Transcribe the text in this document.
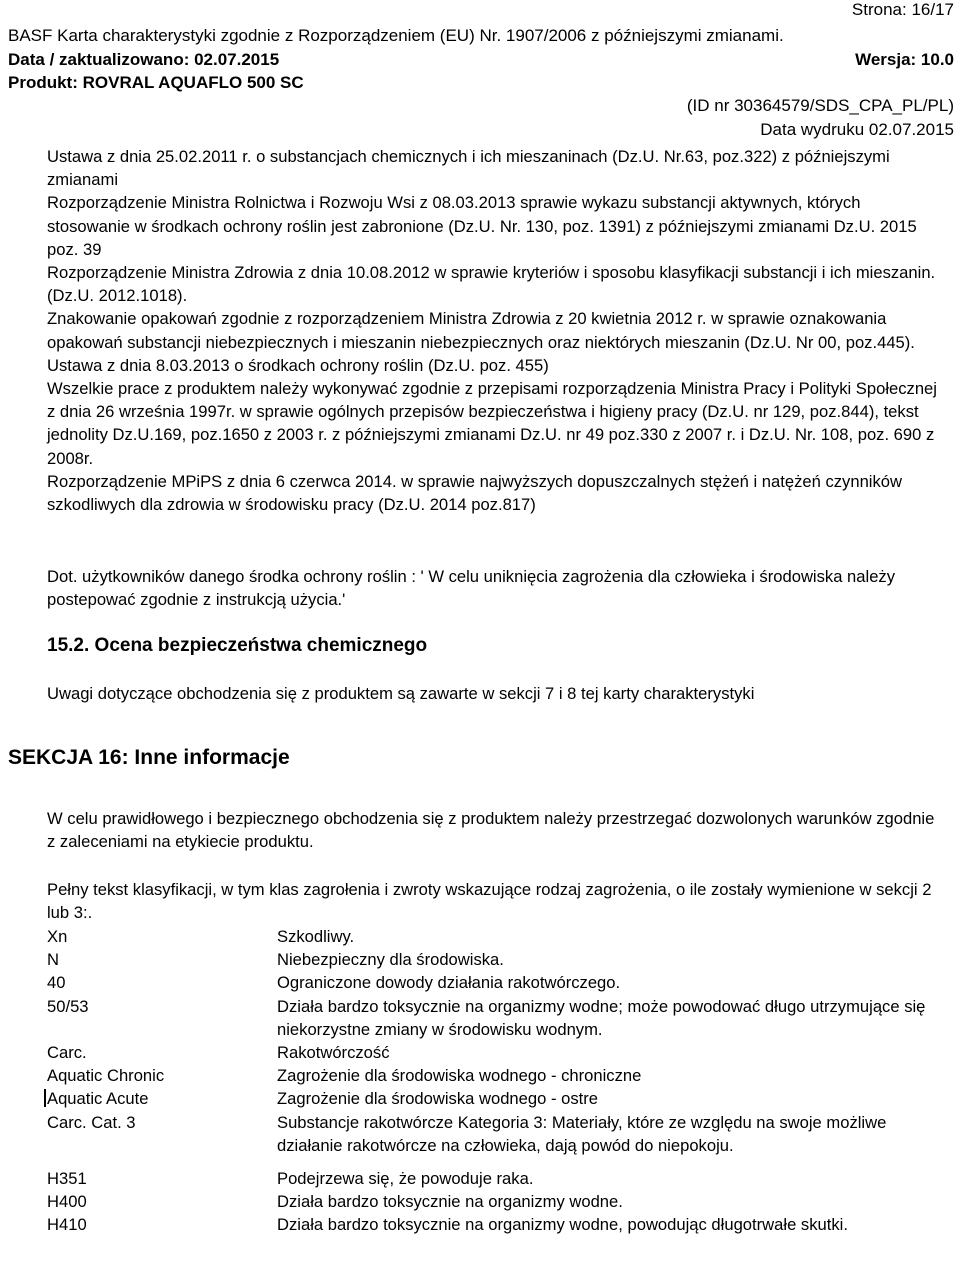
Strona: 16/17
BASF Karta charakterystyki zgodnie z Rozporządzeniem (EU) Nr. 1907/2006 z późniejszymi zmianami.
Data / zaktualizowano: 02.07.2015	Wersja: 10.0
Produkt: ROVRAL AQUAFLO 500 SC
(ID nr 30364579/SDS_CPA_PL/PL)
Data wydruku 02.07.2015

Ustawa z dnia 25.02.2011 r. o substancjach chemicznych i ich mieszaninach (Dz.U. Nr.63, poz.322) z późniejszymi zmianami

Rozporządzenie Ministra Rolnictwa i Rozwoju Wsi z 08.03.2013 sprawie wykazu substancji aktywnych, których stosowanie w środkach ochrony roślin jest zabronione (Dz.U. Nr. 130, poz. 1391) z późniejszymi zmianami Dz.U. 2015 poz. 39

Rozporządzenie Ministra Zdrowia z dnia 10.08.2012 w sprawie kryteriów i sposobu klasyfikacji substancji i ich mieszanin. (Dz.U. 2012.1018).

Znakowanie opakowań zgodnie z rozporządzeniem Ministra Zdrowia z 20 kwietnia 2012 r. w sprawie oznakowania opakowań substancji niebezpiecznych i mieszanin niebezpiecznych oraz niektórych mieszanin (Dz.U. Nr 00, poz.445).

Ustawa z dnia 8.03.2013 o środkach ochrony roślin (Dz.U. poz. 455)

Wszelkie prace z produktem należy wykonywać zgodnie z przepisami rozporządzenia Ministra Pracy i Polityki Społecznej z dnia 26 września 1997r. w sprawie ogólnych przepisów bezpieczeństwa i higieny pracy (Dz.U. nr 129, poz.844), tekst jednolity Dz.U.169, poz.1650 z 2003 r. z późniejszymi zmianami Dz.U. nr 49 poz.330 z 2007 r. i Dz.U. Nr. 108, poz. 690 z 2008r.

Rozporządzenie MPiPS z dnia 6 czerwca 2014. w sprawie najwyższych dopuszczalnych stężeń i natężeń czynników szkodliwych dla zdrowia w środowisku pracy (Dz.U. 2014 poz.817)

Dot. użytkowników danego środka ochrony roślin : ' W celu uniknięcia zagrożenia dla człowieka i środowiska należy postepować zgodnie z instrukcją użycia.'
15.2. Ocena bezpieczeństwa chemicznego
Uwagi dotyczące obchodzenia się z produktem są zawarte w sekcji 7 i 8 tej karty charakterystyki
SEKCJA 16: Inne informacje
W celu prawidłowego i bezpiecznego obchodzenia się z produktem należy przestrzegać dozwolonych warunków zgodnie z zaleceniami na etykiecie produktu.
Pełny tekst klasyfikacji, w tym klas zagrołenia i zwroty wskazujące rodzaj zagrożenia, o ile zostały wymienione w sekcji 2 lub 3:.
Xn	Szkodliwy.
N	Niebezpieczny dla środowiska.
40	Ograniczone dowody działania rakotwórczego.
50/53	Działa bardzo toksycznie na organizmy wodne; może powodować długo utrzymujące się niekorzystne zmiany w środowisku wodnym.
Carc.	Rakotwórczość
Aquatic Chronic	Zagrożenie dla środowiska wodnego - chroniczne
Aquatic Acute	Zagrożenie dla środowiska wodnego - ostre
Carc. Cat. 3	Substancje rakotwórcze Kategoria 3: Materiały, które ze względu na swoje możliwe działanie rakotwórcze na człowieka, dają powód do niepokoju.
H351	Podejrzewa się, że powoduje raka.
H400	Działa bardzo toksycznie na organizmy wodne.
H410	Działa bardzo toksycznie na organizmy wodne, powodując długotrwałe skutki.
